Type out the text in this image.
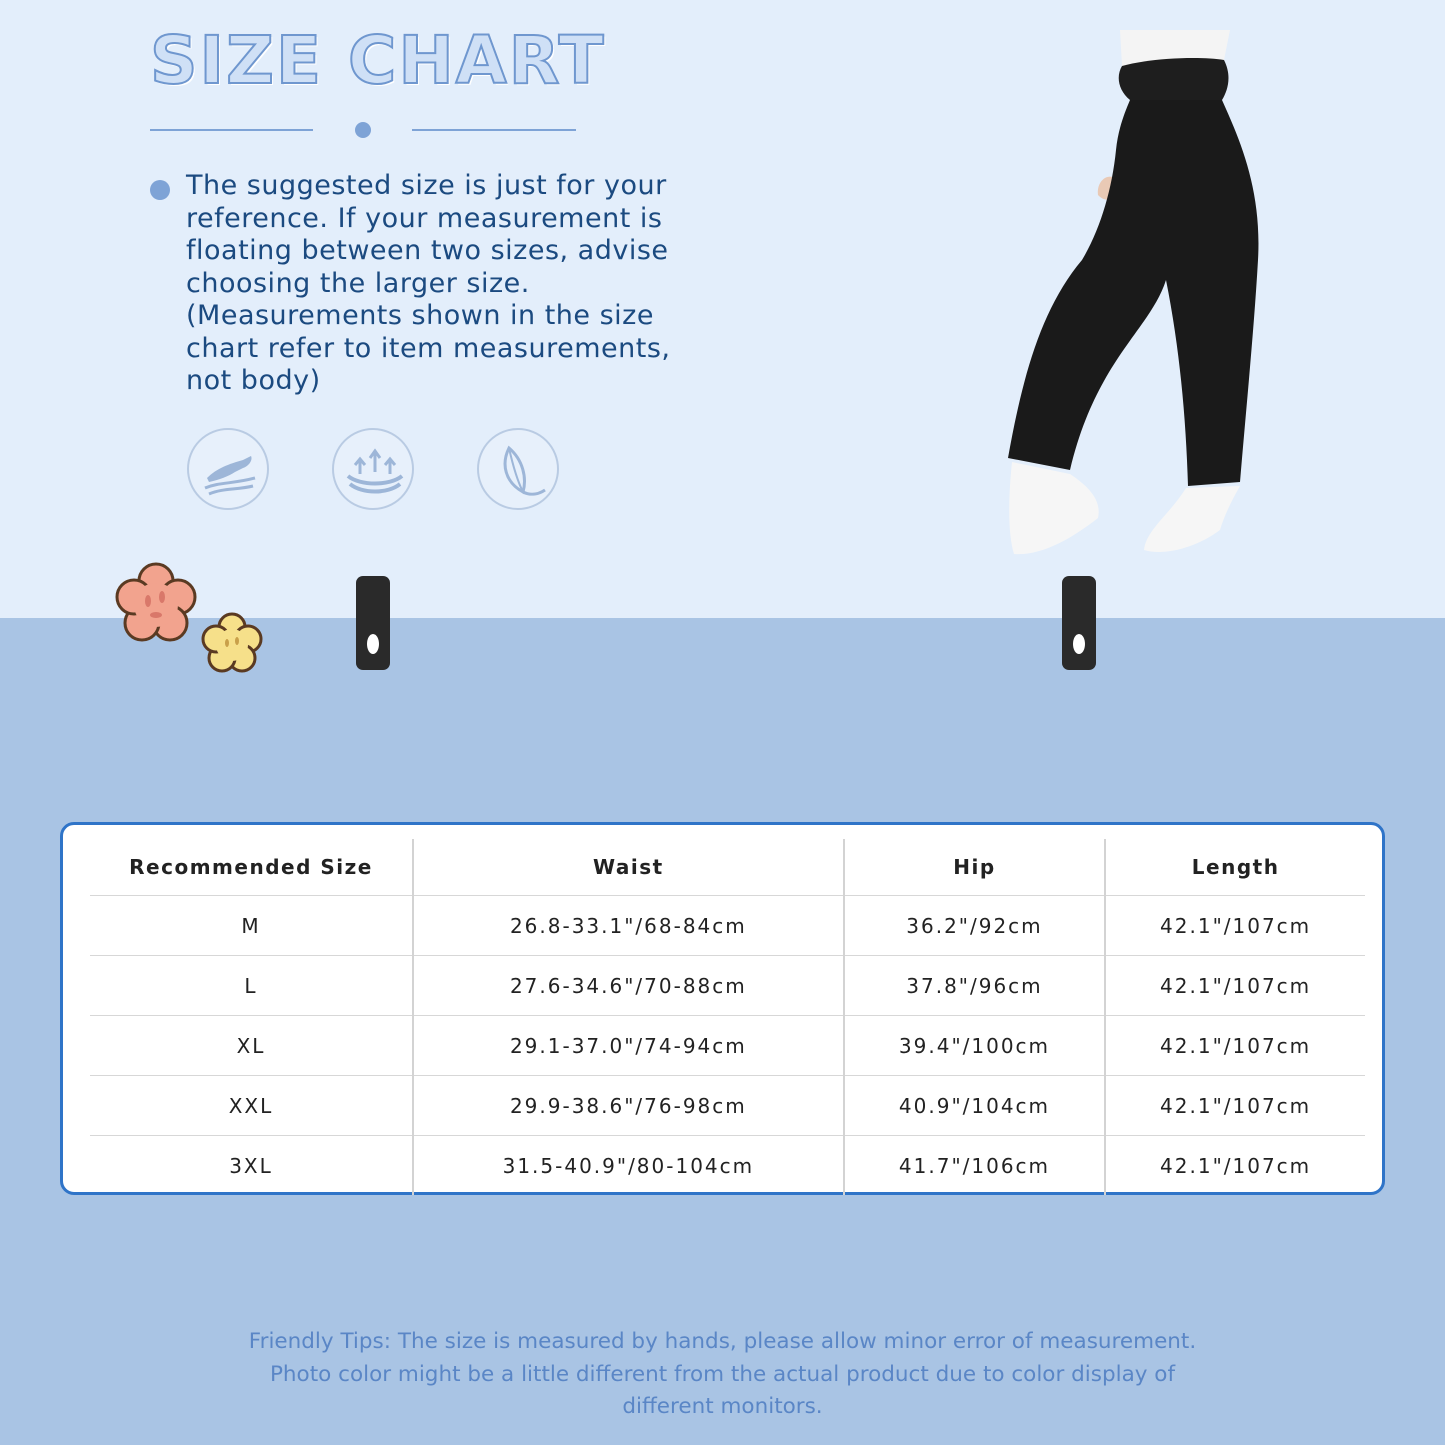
SIZE CHART
The suggested size is just for your
reference. If your measurement is
floating between two sizes, advise
choosing the larger size.
(Measurements shown in the size
chart refer to item measurements,
not body)
Recommended Size	Waist	Hip	Length
M	26.8-33.1"/68-84cm	36.2"/92cm	42.1"/107cm
L	27.6-34.6"/70-88cm	37.8"/96cm	42.1"/107cm
XL	29.1-37.0"/74-94cm	39.4"/100cm	42.1"/107cm
XXL	29.9-38.6"/76-98cm	40.9"/104cm	42.1"/107cm
3XL	31.5-40.9"/80-104cm	41.7"/106cm	42.1"/107cm
Friendly Tips: The size is measured by hands, please allow minor error of measurement.
Photo color might be a little different from the actual product due to color display of
different monitors.
